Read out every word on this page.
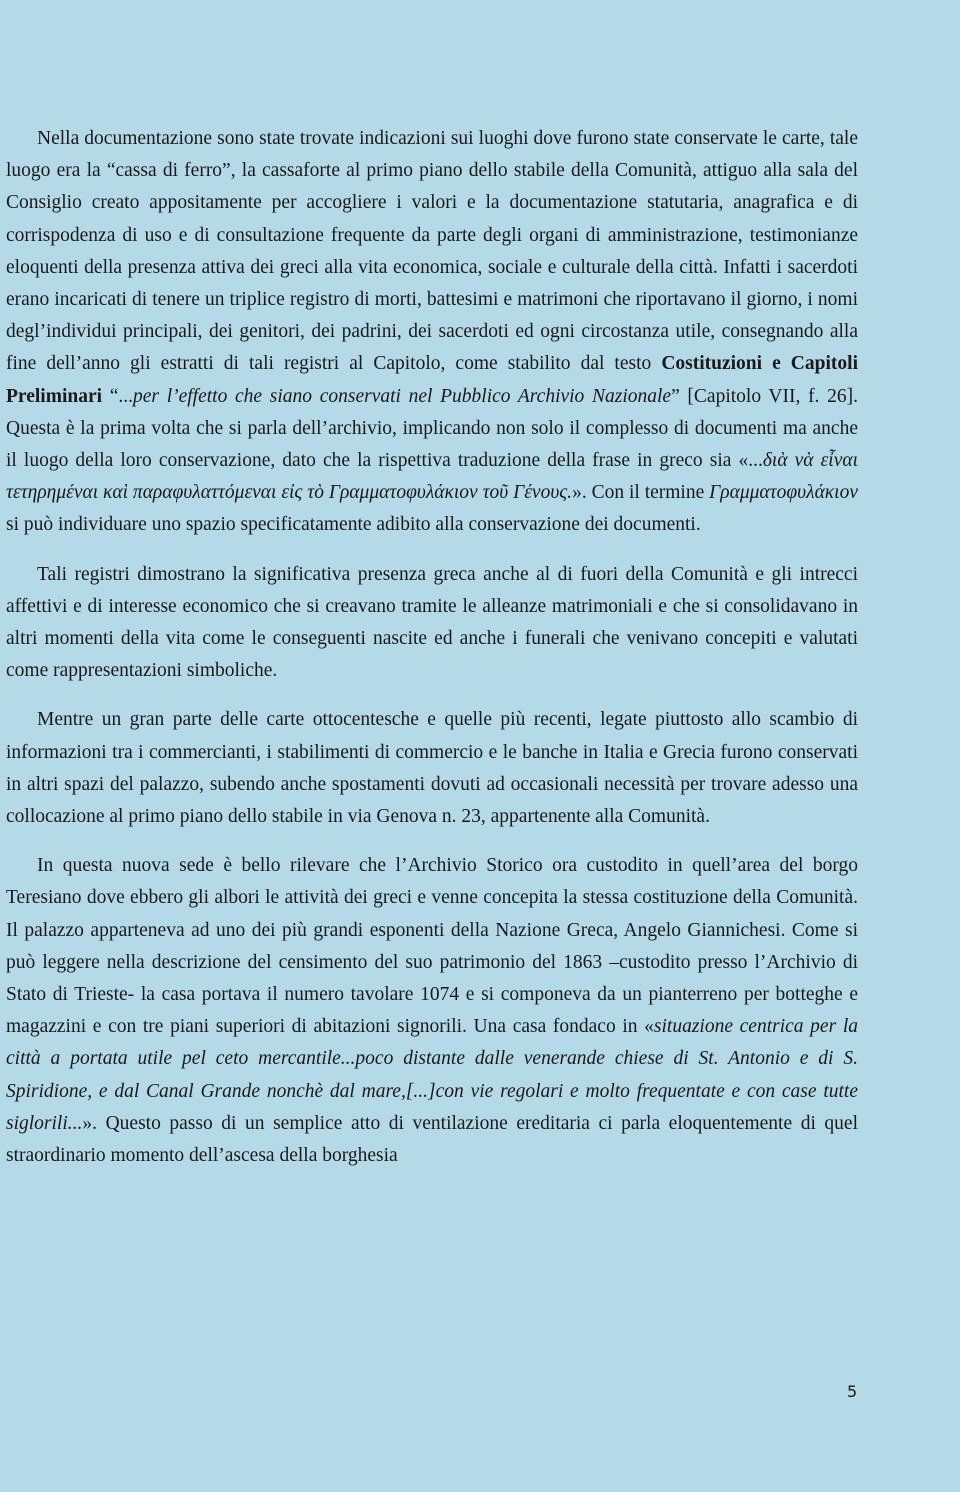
Nella documentazione sono state trovate indicazioni sui luoghi dove furono state conservate le carte, tale luogo era la “cassa di ferro”, la cassaforte al primo piano dello stabile della Comunità, attiguo alla sala del Consiglio creato appositamente per accogliere i valori e la documentazione statutaria, anagrafica e di corrispodenza di uso e di consultazione frequente da parte degli organi di amministrazione, testimonianze eloquenti della presenza attiva dei greci alla vita economica, sociale e culturale della città. Infatti i sacerdoti erano incaricati di tenere un triplice registro di morti, battesimi e matrimoni che riportavano il giorno, i nomi degl’individui principali, dei genitori, dei padrini, dei sacerdoti ed ogni circostanza utile, consegnando alla fine dell’anno gli estratti di tali registri al Capitolo, come stabilito dal testo Costituzioni e Capitoli Preliminari “...per l’effetto che siano conservati nel Pubblico Archivio Nazionale” [Capitolo VII, f. 26]. Questa è la prima volta che si parla dell’archivio, implicando non solo il complesso di documenti ma anche il luogo della loro conservazione, dato che la rispettiva traduzione della frase in greco sia «...διὰ νὰ εἶναι τετηρημέναι καὶ παραφυλαττόμεναι εἰς τὸ Γραμματοφυλάκιον τοῦ Γένους.». Con il termine Γραμματοφυλάκιον si può individuare uno spazio specificatamente adibito alla conservazione dei documenti.

Tali registri dimostrano la significativa presenza greca anche al di fuori della Comunità e gli intrecci affettivi e di interesse economico che si creavano tramite le alleanze matrimoniali e che si consolidavano in altri momenti della vita come le conseguenti nascite ed anche i funerali che venivano concepiti e valutati come rappresentazioni simboliche.

Mentre un gran parte delle carte ottocentesche e quelle più recenti, legate piuttosto allo scambio di informazioni tra i commercianti, i stabilimenti di commercio e le banche in Italia e Grecia furono conservati in altri spazi del palazzo, subendo anche spostamenti dovuti ad occasionali necessità per trovare adesso una collocazione al primo piano dello stabile in via Genova n. 23, appartenente alla Comunità.

In questa nuova sede è bello rilevare che l’Archivio Storico ora custodito in quell’area del borgo Teresiano dove ebbero gli albori le attività dei greci e venne concepita la stessa costituzione della Comunità. Il palazzo apparteneva ad uno dei più grandi esponenti della Nazione Greca, Angelo Giannichesi. Come si può leggere nella descrizione del censimento del suo patrimonio del 1863 –custodito presso l’Archivio di Stato di Trieste- la casa portava il numero tavolare 1074 e si componeva da un pianterreno per botteghe e magazzini e con tre piani superiori di abitazioni signorili. Una casa fondaco in «situazione centrica per la città a portata utile pel ceto mercantile...poco distante dalle venerande chiese di St. Antonio e di S. Spiridione, e dal Canal Grande nonchè dal mare,[...]con vie regolari e molto frequentate e con case tutte siglorili...». Questo passo di un semplice atto di ventilazione ereditaria ci parla eloquentemente di quel straordinario momento dell’ascesa della borghesia

5
